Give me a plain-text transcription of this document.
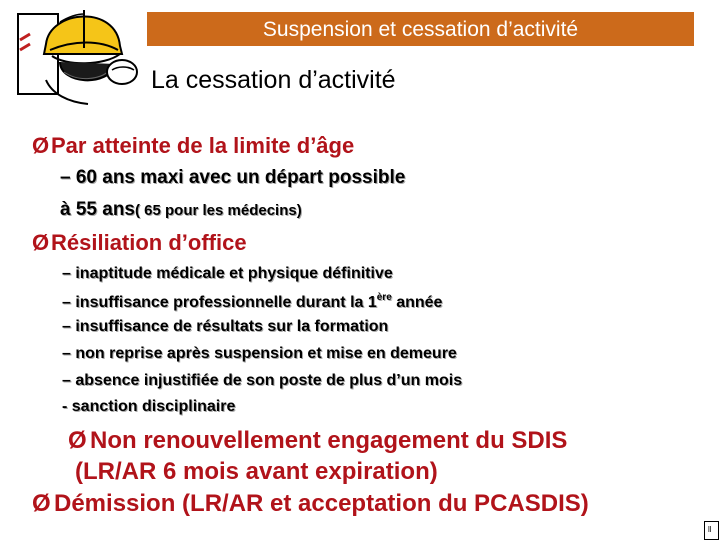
Suspension et cessation d’activité
La cessation d’activité
ØPar atteinte de la limite d’âge
– 60 ans maxi avec un départ possible
à 55 ans( 65 pour les médecins)
ØRésiliation d’office
– inaptitude médicale et physique définitive
– insuffisance professionnelle durant la 1ère année
– insuffisance de résultats sur la formation
– non reprise après suspension et mise en demeure
– absence injustifiée de son poste de plus d’un mois
- sanction disciplinaire
Ø Non renouvellement engagement du SDIS
(LR/AR 6 mois avant expiration)
Ø Démission (LR/AR et acceptation du PCASDIS)
ll
